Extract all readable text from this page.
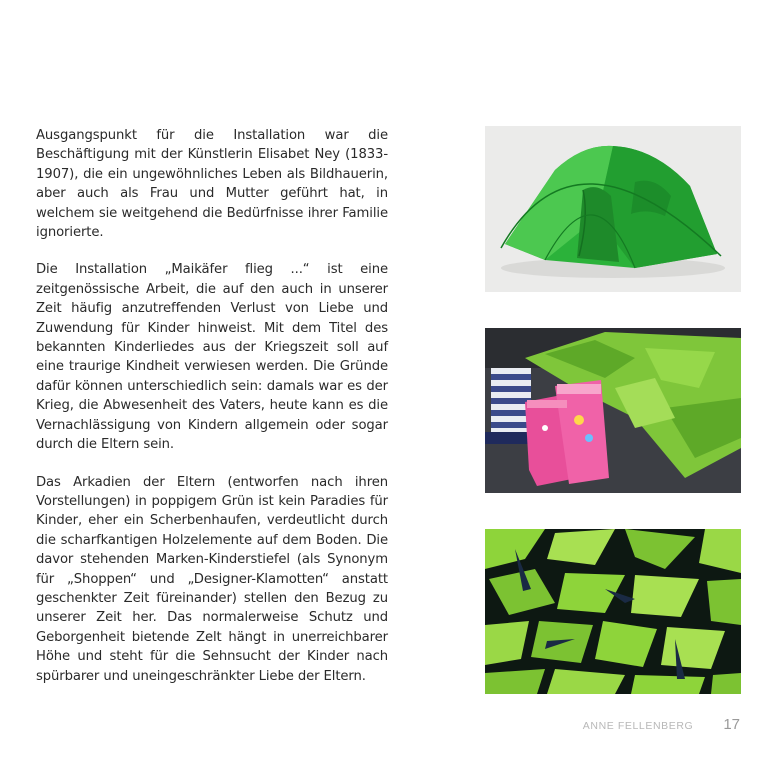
Ausgangspunkt für die Installation war die Beschäftigung mit der Künstlerin Elisabet Ney (1833-1907), die ein ungewöhnliches Leben als Bildhauerin, aber auch als Frau und Mutter geführt hat, in welchem sie weitgehend die Bedürfnisse ihrer Familie ignorierte.

Die Installation „Maikäfer flieg ...“ ist eine zeitgenössische Arbeit, die auf den auch in unserer Zeit häufig anzutreffenden Verlust von Liebe und Zuwendung für Kinder hinweist. Mit dem Titel des bekannten Kinderliedes aus der Kriegszeit soll auf eine traurige Kindheit verwiesen werden. Die Gründe dafür können unterschiedlich sein: damals war es der Krieg, die Abwesenheit des Vaters, heute kann es die Vernachlässigung von Kindern allgemein oder sogar durch die Eltern sein.

Das Arkadien der Eltern (entworfen nach ihren Vorstellungen) in poppigem Grün ist kein Paradies für Kinder, eher ein Scherbenhaufen, verdeutlicht durch die scharfkantigen Holzelemente auf dem Boden. Die davor stehenden Marken-Kinderstiefel (als Synonym für „Shoppen“ und „Designer-Klamotten“ anstatt geschenkter Zeit füreinander) stellen den Bezug zu unserer Zeit her. Das normalerweise Schutz und Geborgenheit bietende Zelt hängt in unerreichbarer Höhe und steht für die Sehnsucht der Kinder nach spürbarer und uneingeschränkter Liebe der Eltern.

ANNE FELLENBERG 17
